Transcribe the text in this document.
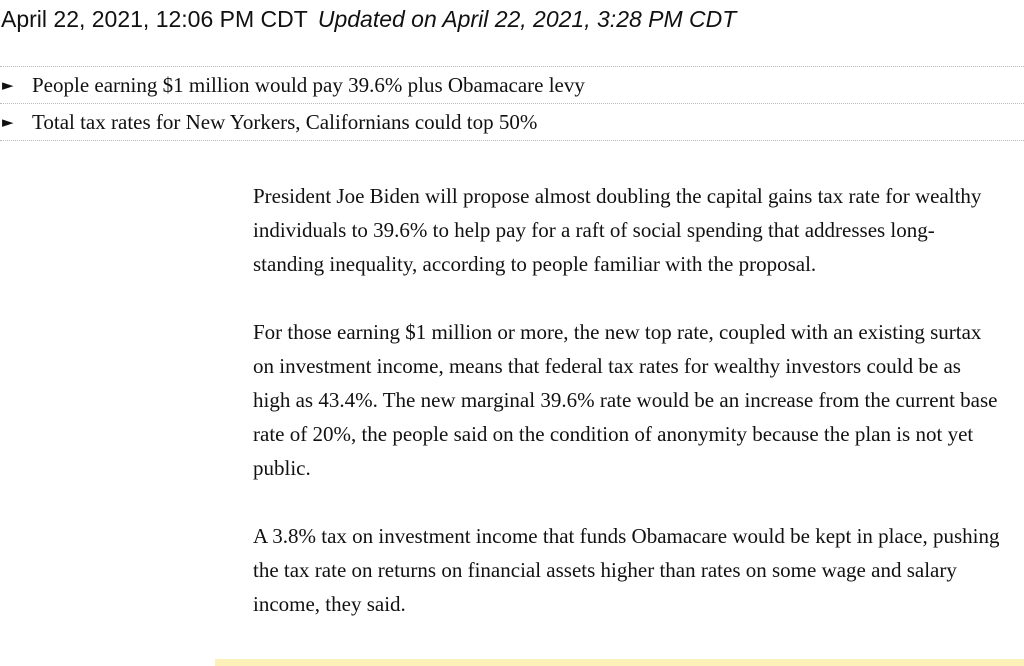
April 22, 2021, 12:06 PM CDT Updated on April 22, 2021, 3:28 PM CDT
► People earning $1 million would pay 39.6% plus Obamacare levy
► Total tax rates for New Yorkers, Californians could top 50%

President Joe Biden will propose almost doubling the capital gains tax rate for wealthy individuals to 39.6% to help pay for a raft of social spending that addresses long-standing inequality, according to people familiar with the proposal.

For those earning $1 million or more, the new top rate, coupled with an existing surtax on investment income, means that federal tax rates for wealthy investors could be as high as 43.4%. The new marginal 39.6% rate would be an increase from the current base rate of 20%, the people said on the condition of anonymity because the plan is not yet public.

A 3.8% tax on investment income that funds Obamacare would be kept in place, pushing the tax rate on returns on financial assets higher than rates on some wage and salary income, they said.
